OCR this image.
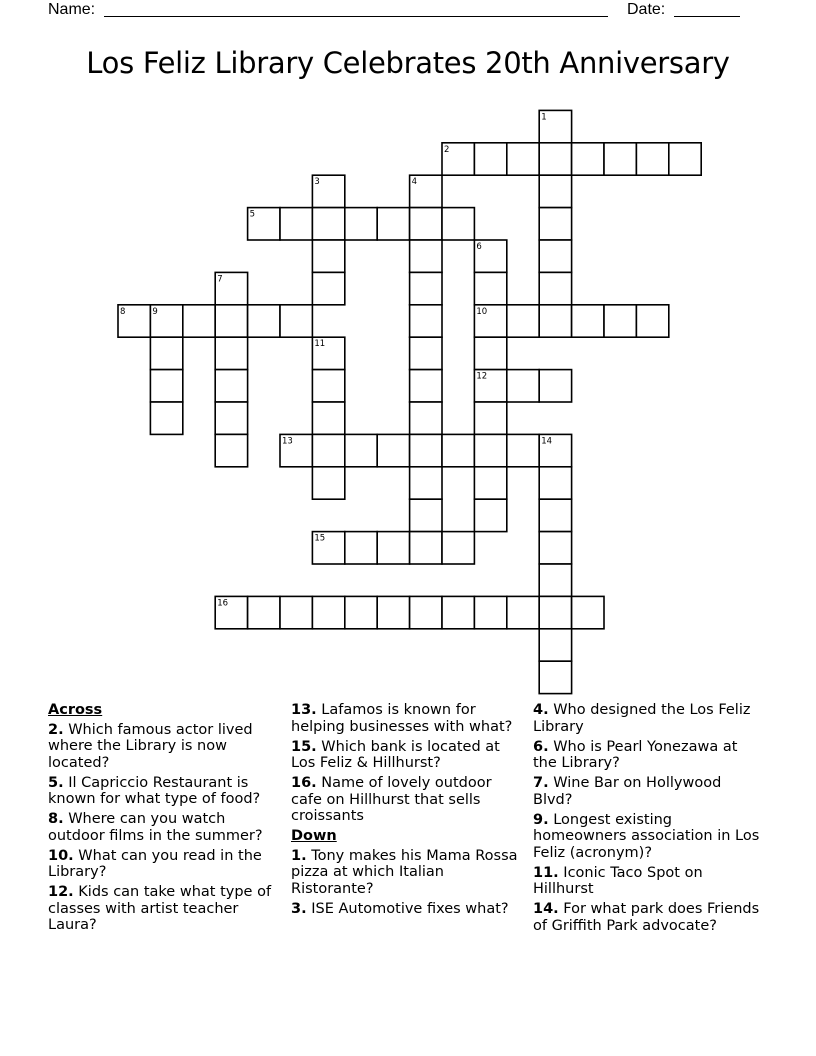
Name:	Date:
Los Feliz Library Celebrates 20th Anniversary
1
2
3	4
5
6
7
8	9	10
11
12
13	14
15
16
Across
2. Which famous actor lived where the Library is now located?
5. Il Capriccio Restaurant is known for what type of food?
8. Where can you watch outdoor films in the summer?
10. What can you read in the Library?
12. Kids can take what type of classes with artist teacher Laura?
13. Lafamos is known for helping businesses with what?
15. Which bank is located at Los Feliz & Hillhurst?
16. Name of lovely outdoor cafe on Hillhurst that sells croissants
Down
1. Tony makes his Mama Rossa pizza at which Italian Ristorante?
3. ISE Automotive fixes what?
4. Who designed the Los Feliz Library
6. Who is Pearl Yonezawa at the Library?
7. Wine Bar on Hollywood Blvd?
9. Longest existing homeowners association in Los Feliz (acronym)?
11. Iconic Taco Spot on Hillhurst
14. For what park does Friends of Griffith Park advocate?
